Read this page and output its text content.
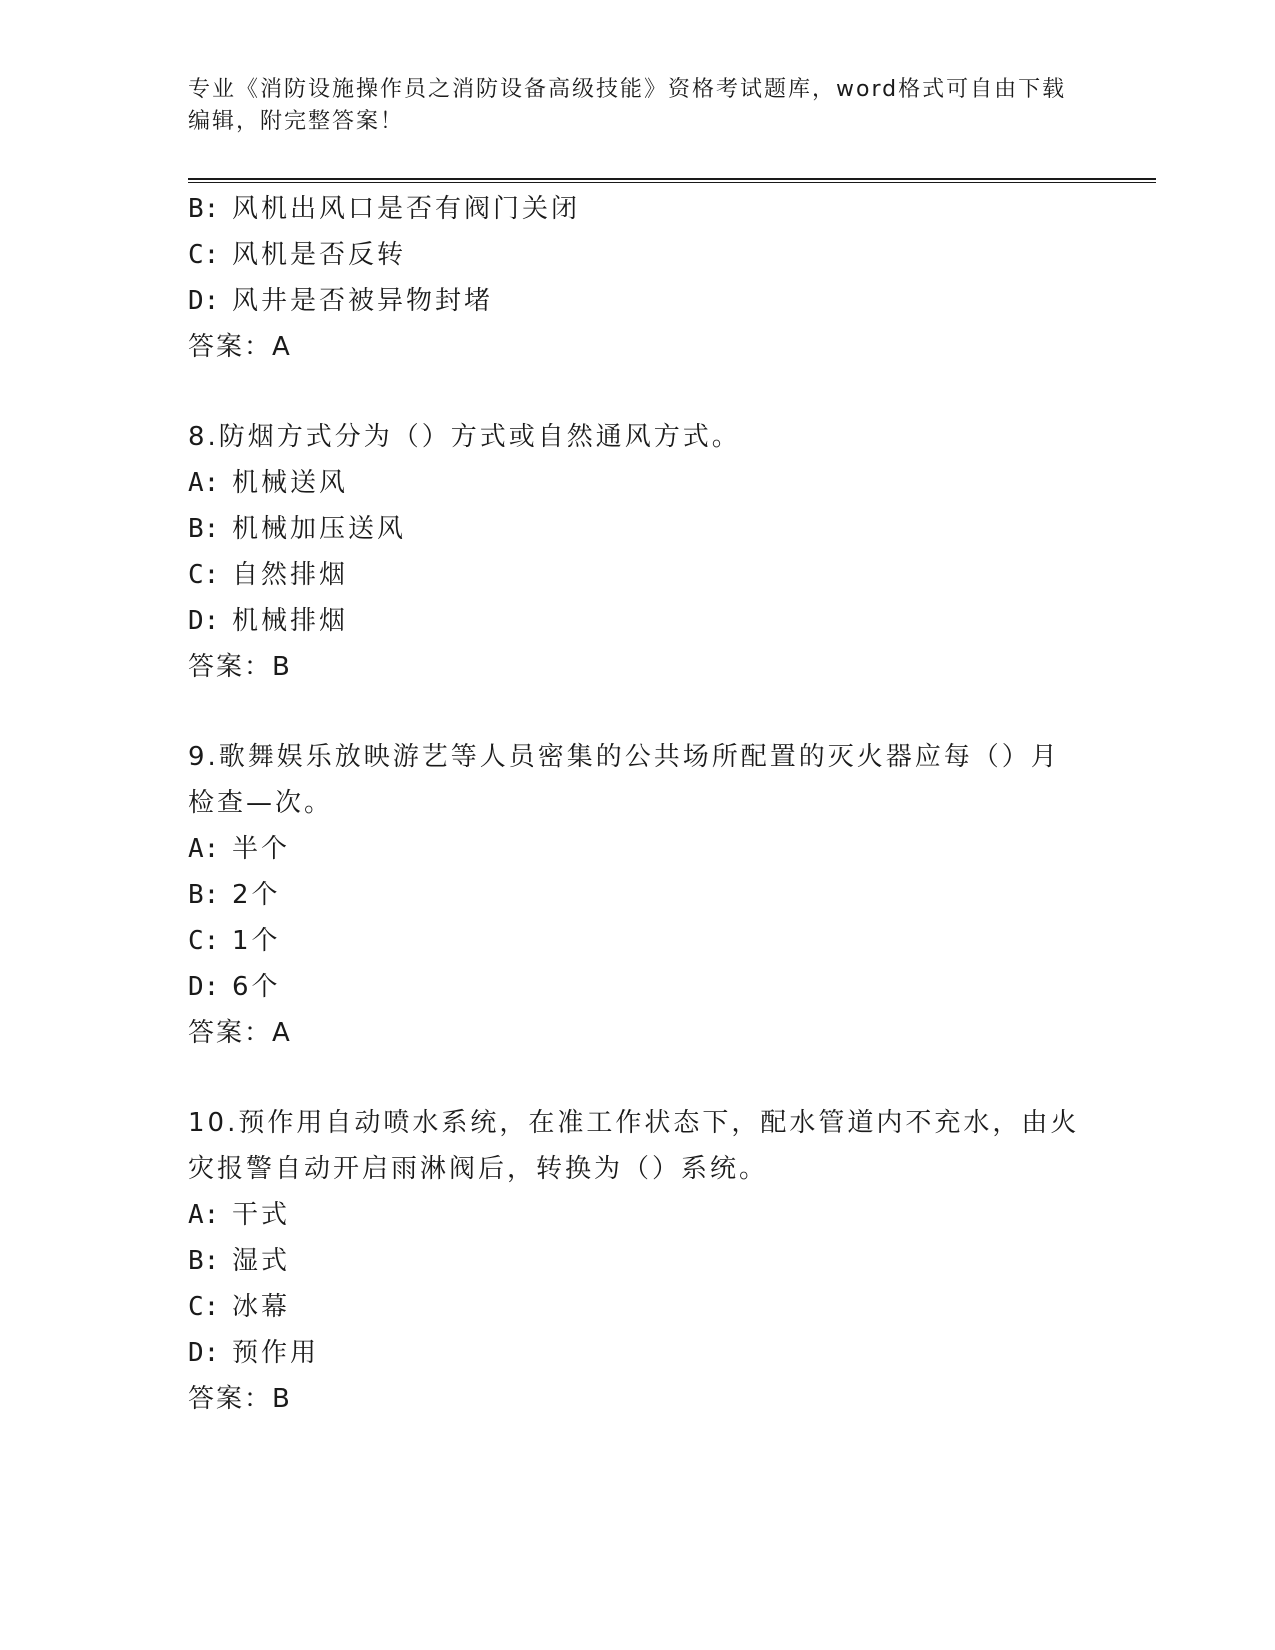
专业《消防设施操作员之消防设备高级技能》资格考试题库，word格式可自由下载编辑，附完整答案！
B: 风机出风口是否有阀门关闭
C: 风机是否反转
D: 风井是否被异物封堵
答案：A
8.防烟方式分为（）方式或自然通风方式。
A: 机械送风
B: 机械加压送风
C: 自然排烟
D: 机械排烟
答案：B
9.歌舞娱乐放映游艺等人员密集的公共场所配置的灭火器应每（）月检查—次。
A: 半个
B: 2个
C: 1个
D: 6个
答案：A
10.预作用自动喷水系统，在准工作状态下，配水管道内不充水，由火灾报警自动开启雨淋阀后，转换为（）系统。
A: 干式
B: 湿式
C: 冰幕
D: 预作用
答案：B
